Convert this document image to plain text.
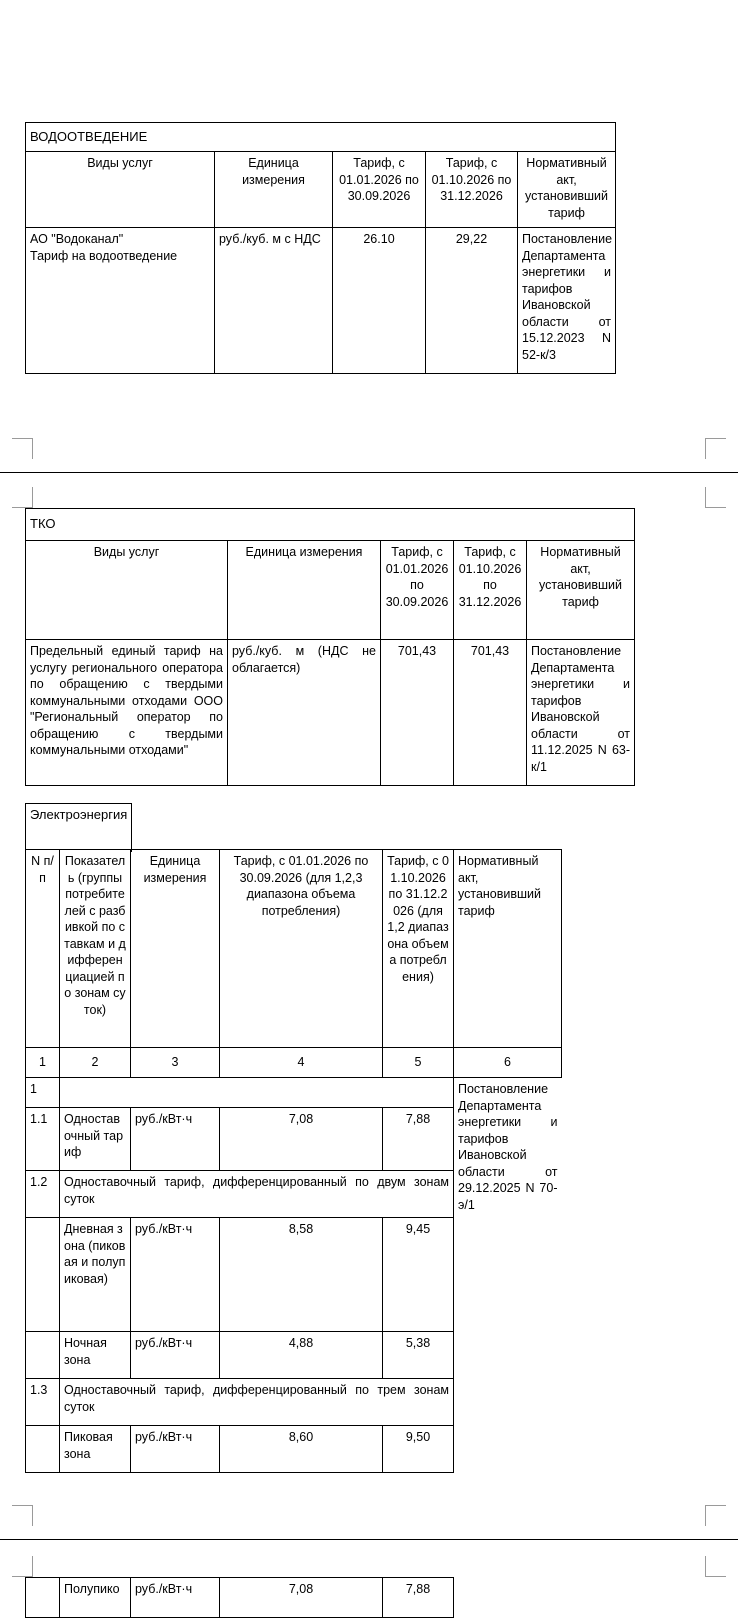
ВОДООТВЕДЕНИЕ				
Виды услуг	Единица измерения	Тариф, с 01.01.2026 по 30.09.2026	Тариф, с 01.10.2026 по 31.12.2026	Нормативный акт, установивший тариф

АО "Водоканал"
Тариф на водоотведение	руб./куб. м с НДС	26.10	29,22	Постановление Департамента энергетики и тарифов Ивановской области от 15.12.2023 N 52-к/3
ТКО				
Виды услуг	Единица измерения	Тариф, с 01.01.2026 по 30.09.2026	Тариф, с 01.10.2026 по 31.12.2026	Нормативный акт, установивший тариф
Предельный единый тариф на услугу регионального оператора по обращению с твердыми коммунальными отходами ООО "Региональный оператор по обращению с твердыми коммунальными отходами"	руб./куб. м (НДС не облагается)	701,43	701,43	Постановление Департамента энергетики и тарифов Ивановской области от 11.12.2025 N 63-к/1
Электроэнергия
N п/п	Показатель (группы потребителей с разбивкой по ставкам и дифференциацией по зонам суток)	Единица измерения	Тариф, с 01.01.2026 по 30.09.2026 (для 1,2,3 диапазона объема потребления)	Тариф, с 01.10.2026 по 31.12.2026 (для 1,2 диапазона объема потребления)	Нормативный акт, установивший тариф
1	2	3	4	5	6
1					Постановление Департамента энергетики и тарифов Ивановской области от 29.12.2025 N 70-э/1
1.1	Одноставочный тариф	руб./кВт·ч	7,08	7,88	
1.2	Одноставочный тариф, дифференцированный по двум зонам суток				
	Дневная зона (пиковая и полупиковая)	руб./кВт·ч	8,58	9,45	
	Ночная зона	руб./кВт·ч	4,88	5,38	
1.3	Одноставочный тариф, дифференцированный по трем зонам суток				
	Пиковая зона	руб./кВт·ч	8,60	9,50	
	Полупико	руб./кВт·ч	7,08	7,88
